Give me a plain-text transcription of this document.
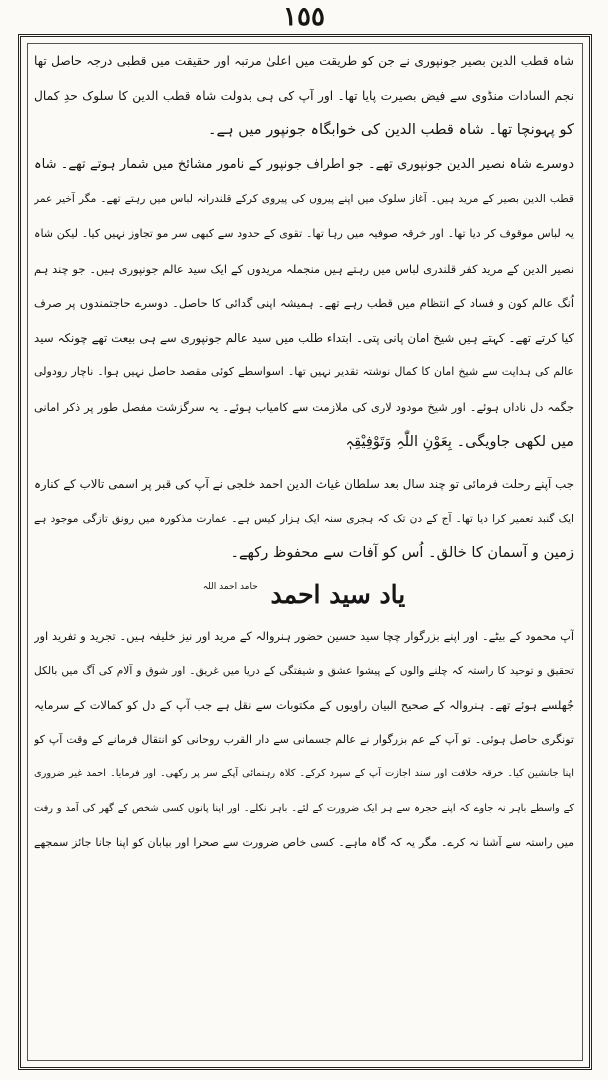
١٥٥
شاہ قطب الدین بصیر جونپوری نے جن کو طریقت میں اعلیٰ مرتبہ اور حقیقت میں قطبی درجہ حاصل تھا
نجم السادات منڈوی سے فیض بصیرت پایا تھا۔ اور آپ کی ہی بدولت شاہ قطب الدین کا سلوک حدِ کمال
کو پہونچا تھا۔ شاہ قطب الدین کی خوابگاہ جونپور میں ہے۔
دوسرے شاہ نصیر الدین جونپوری تھے۔ جو اطراف جونپور کے نامور مشائخ میں شمار ہوتے تھے۔ شاہ
قطب الدین بصیر کے مرید ہیں۔ آغاز سلوک میں اپنے پیروں کی پیروی کرکے قلندرانہ لباس میں رہتے تھے۔ مگر آخیر عمر
یہ لباس موقوف کر دیا تھا۔ اور خرقہ صوفیہ میں رہا تھا۔ تقوی کے حدود سے کبھی سر مو تجاوز نہیں کیا۔ لیکن شاہ
نصیر الدین کے مرید کفر قلندری لباس میں رہتے ہیں منجملہ مریدوں کے ایک سید عالم جونپوری ہیں۔ جو چند ہم
اُنگ عالم کون و فساد کے انتظام میں قطب رہے تھے۔ ہمیشہ اپنی گدائی کا حاصل۔ دوسرے حاجتمندوں پر صرف
کیا کرتے تھے۔ کہتے ہیں شیخ امان پانی پتی۔ ابتداء طلب میں سید عالم جونپوری سے ہی بیعت تھے چونکہ سید
عالم کی ہدایت سے شیخ امان کا کمال نوشتہ تقدیر نہیں تھا۔ اسواسطے کوئی مقصد حاصل نہیں ہوا۔ ناچار رودولی
جگمہ دل ناداں ہوئے۔ اور شیخ مودود لاری کی ملازمت سے کامیاب ہوئے۔ یہ سرگزشت مفصل طور پر ذکر امانی
میں لکھی جاویگی۔ بِعَوْنِ اللّٰہِ وَتَوْفِیْقِہٖ
جب آپنے رحلت فرمائی تو چند سال بعد سلطان غیاث الدین احمد خلجی نے آپ کی قبر پر اسمی تالاب کے کنارہ
ایک گنبد تعمیر کرا دیا تھا۔ آج کے دن تک کہ ہجری سنہ ایک ہزار کیس ہے۔ عمارت مذکورہ میں رونق تازگی موجود ہے
زمین و آسمان کا خالق۔ اُس کو آفات سے محفوظ رکھے۔
یاد سید احمد $^{حامد احمد اللہ}$
آپ محمود کے بیٹے۔ اور اپنے بزرگوار چچا سید حسین حضور ہنروالہ کے مرید اور نیز خلیفہ ہیں۔ تجرید و تفرید اور
تحقیق و توحید کا راستہ کہ چلنے والوں کے پیشوا عشق و شیفتگی کے دریا میں غریق۔ اور شوق و آلام کی آگ میں بالکل
جُھلسے ہوئے تھے۔ ہنروالہ کے صحیح البیان راویوں کے مکتوبات سے نقل ہے جب آپ کے دل کو کمالات کے سرمایہ
تونگری حاصل ہوئی۔ تو آپ کے عم بزرگوار نے عالم جسمانی سے دار القرب روحانی کو انتقال فرمانے کے وقت آپ کو
اپنا جانشین کیا۔ خرقہ خلافت اور سند اجازت آپ کے سپرد کرکے۔ کلاہ رہنمائی آپکے سر پر رکھی۔ اور فرمایا۔ احمد غیر ضروری
کے واسطے باہر نہ جاوے کہ اپنے حجرہ سے ہر ایک ضرورت کے لئے۔ باہر نکلے۔ اور اپنا پانوں کسی شخص کے گھر کی آمد و رفت
میں راستہ سے آشنا نہ کرے۔ مگر یہ کہ گاہ ماہے۔ کسی خاص ضرورت سے صحرا اور بیابان کو اپنا جانا جائز سمجھے
